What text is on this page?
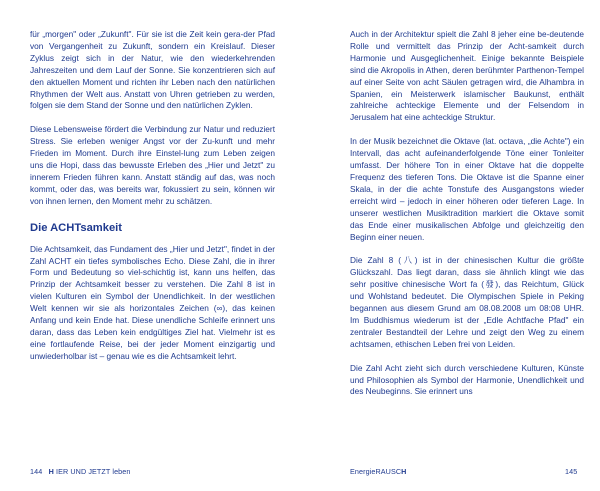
für „morgen" oder „Zukunft". Für sie ist die Zeit kein gera-der Pfad von Vergangenheit zu Zukunft, sondern ein Kreislauf. Dieser Zyklus zeigt sich in der Natur, wie den wiederkehrenden Jahreszeiten und dem Lauf der Sonne. Sie konzentrieren sich auf den aktuellen Moment und richten ihr Leben nach den natürlichen Rhythmen der Welt aus. Anstatt von Uhren getrieben zu werden, folgen sie dem Stand der Sonne und den natürlichen Zyklen.

Diese Lebensweise fördert die Verbindung zur Natur und reduziert Stress. Sie erleben weniger Angst vor der Zu-kunft und mehr Frieden im Moment. Durch ihre Einstel-lung zum Leben zeigen uns die Hopi, dass das bewusste Erleben des „Hier und Jetzt" zu innerem Frieden führen kann. Anstatt ständig auf das, was noch kommt, oder das, was bereits war, fokussiert zu sein, können wir von ihnen lernen, den Moment mehr zu schätzen.

Die ACHTsamkeit

Die Achtsamkeit, das Fundament des „Hier und Jetzt", findet in der Zahl ACHT ein tiefes symbolisches Echo. Diese Zahl, die in ihrer Form und Bedeutung so viel-schichtig ist, kann uns helfen, das Prinzip der Achtsamkeit besser zu verstehen. Die Zahl 8 ist in vielen Kulturen ein Symbol der Unendlichkeit. In der westlichen Welt kennen wir sie als horizontales Zeichen (∞), das keinen Anfang und kein Ende hat. Diese unendliche Schleife erinnert uns daran, dass das Leben kein endgültiges Ziel hat. Vielmehr ist es eine fortlaufende Reise, bei der jeder Moment einzigartig und unwiederholbar ist – genau wie es die Achtsamkeit lehrt.

144 H IER UND JETZT leben

Auch in der Architektur spielt die Zahl 8 jeher eine be-deutende Rolle und vermittelt das Prinzip der Acht-samkeit durch Harmonie und Ausgeglichenheit. Einige bekannte Beispiele sind die Akropolis in Athen, deren berühmter Parthenon-Tempel auf einer Seite von acht Säulen getragen wird, die Alhambra in Spanien, ein Meisterwerk islamischer Baukunst, enthält zahlreiche achteckige Elemente und der Felsendom in Jerusalem hat eine achteckige Struktur.

In der Musik bezeichnet die Oktave (lat. octava, „die Achte") ein Intervall, das acht aufeinanderfolgende Töne einer Tonleiter umfasst. Der höhere Ton in einer Oktave hat die doppelte Frequenz des tieferen Tons. Die Oktave ist die Spanne einer Skala, in der die achte Tonstufe des Ausgangstons wieder erreicht wird – jedoch in einer höheren oder tieferen Lage. In unserer westlichen Musiktradition markiert die Oktave somit das Ende einer musikalischen Abfolge und gleichzeitig den Beginn einer neuen.

Die Zahl 8 (八) ist in der chinesischen Kultur die größte Glückszahl. Das liegt daran, dass sie ähnlich klingt wie das sehr positive chinesische Wort fa (發), das Reichtum, Glück und Wohlstand bedeutet. Die Olympischen Spiele in Peking begannen aus diesem Grund am 08.08.2008 um 08:08 UHR. Im Buddhismus wiederum ist der „Edle Achtfache Pfad" ein zentraler Bestandteil der Lehre und zeigt den Weg zu einem achtsamen, ethischen Leben frei von Leiden.

Die Zahl Acht zieht sich durch verschiedene Kulturen, Künste und Philosophien als Symbol der Harmonie, Unendlichkeit und des Neubeginns. Sie erinnert uns

EnergieRAUSCH	145
